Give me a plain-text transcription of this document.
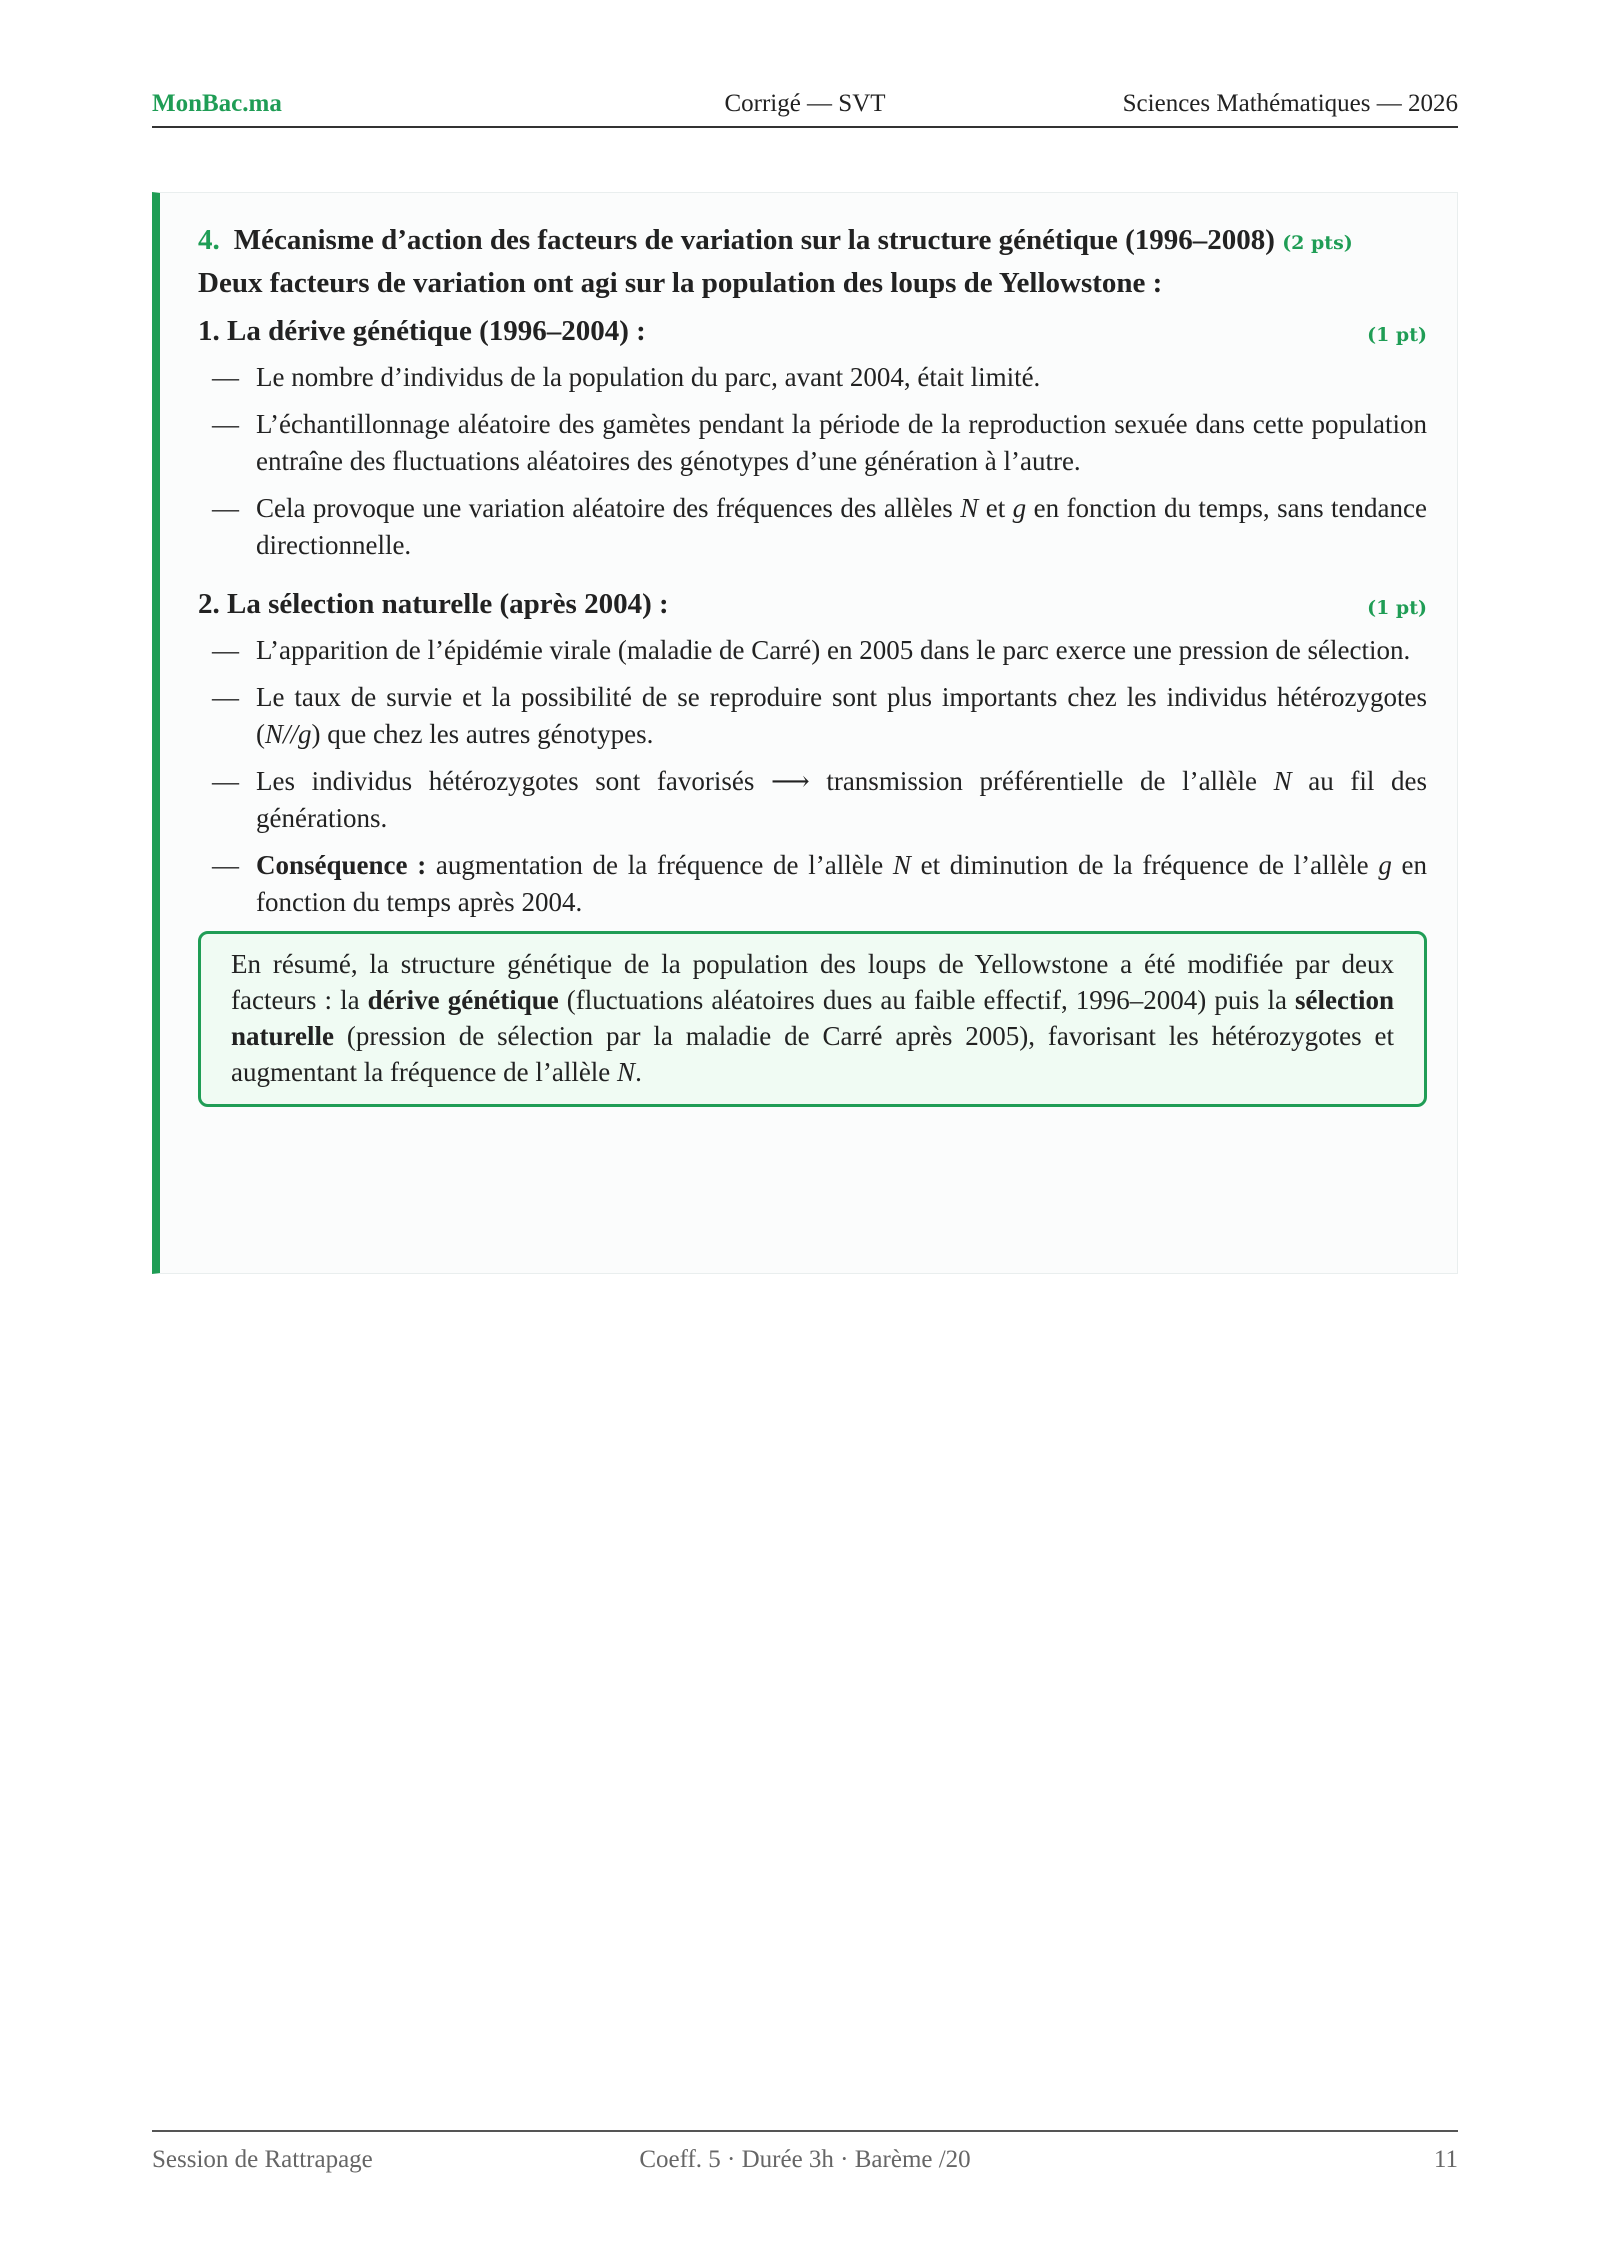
Corrigé — SVT
MonBac.ma	Sciences Mathématiques — 2026
4. Mécanisme d’action des facteurs de variation sur la structure génétique (1996–2008) (2 pts)
Deux facteurs de variation ont agi sur la population des loups de Yellowstone :
1. La dérive génétique (1996–2004) :	(1 pt)
— Le nombre d’individus de la population du parc, avant 2004, était limité.
— L’échantillonnage aléatoire des gamètes pendant la période de la reproduction sexuée dans cette population entraîne des fluctuations aléatoires des génotypes d’une génération à l’autre.
— Cela provoque une variation aléatoire des fréquences des allèles N et g en fonction du temps, sans tendance directionnelle.
2. La sélection naturelle (après 2004) :	(1 pt)
— L’apparition de l’épidémie virale (maladie de Carré) en 2005 dans le parc exerce une pression de sélection.
— Le taux de survie et la possibilité de se reproduire sont plus importants chez les individus hétérozygotes (N//g) que chez les autres génotypes.
— Les individus hétérozygotes sont favorisés ⟶ transmission préférentielle de l’allèle N au fil des générations.
— Conséquence : augmentation de la fréquence de l’allèle N et diminution de la fréquence de l’allèle g en fonction du temps après 2004.
En résumé, la structure génétique de la population des loups de Yellowstone a été modifiée par deux facteurs : la dérive génétique (fluctuations aléatoires dues au faible effectif, 1996–2004) puis la sélection naturelle (pression de sélection par la maladie de Carré après 2005), favorisant les hétérozygotes et augmentant la fréquence de l’allèle N.
Coeff. 5 · Durée 3h · Barème /20
Session de Rattrapage	11
